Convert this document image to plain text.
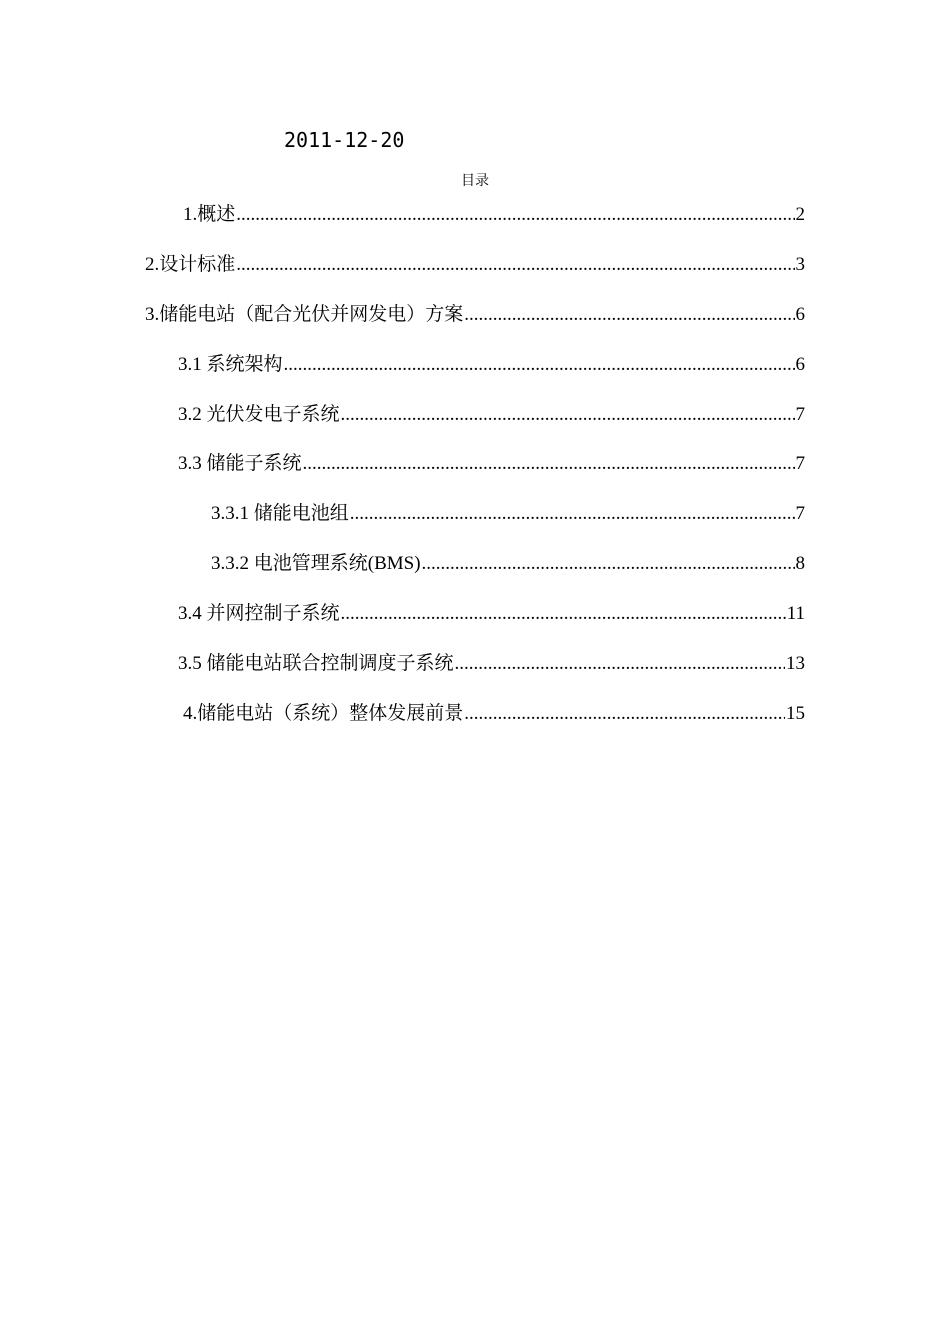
2011-12-20
目录
1.概述 .....	2
2.设计标准 .....	3
3.储能电站（配合光伏并网发电）方案 .....	6
3.1 系统架构 .....	6
3.2 光伏发电子系统 .....	7
3.3 储能子系统 .....	7
3.3.1 储能电池组 .....	7
3.3.2 电池管理系统(BMS) .....	8
3.4 并网控制子系统 .....	11
3.5 储能电站联合控制调度子系统 .....	13
4.储能电站（系统）整体发展前景 .....	15
